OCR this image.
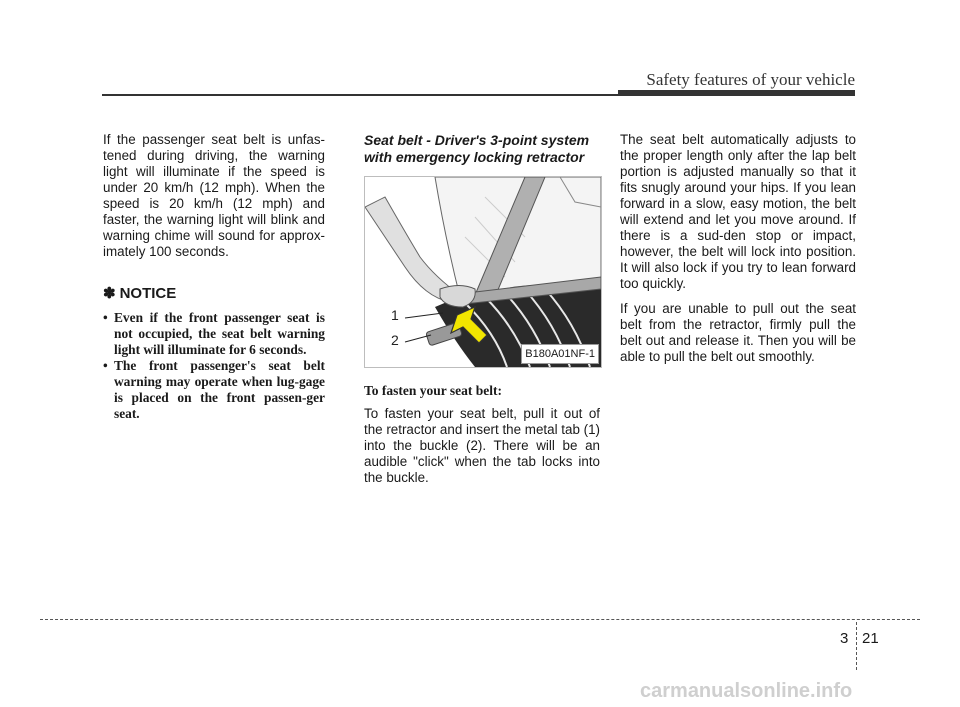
Safety features of your vehicle

If the passenger seat belt is unfas-tened during driving, the warning light will illuminate if the speed is under 20 km/h (12 mph). When the speed is 20 km/h (12 mph) and faster, the warning light will blink and warning chime will sound for approx-imately 100 seconds.

✽ NOTICE
• Even if the front passenger seat is not occupied, the seat belt warning light will illuminate for 6 seconds.
• The front passenger's seat belt warning may operate when lug-gage is placed on the front passen-ger seat.
Seat belt - Driver's 3-point system with emergency locking retractor
1
2
B180A01NF-1
To fasten your seat belt:

To fasten your seat belt, pull it out of the retractor and insert the metal tab (1) into the buckle (2). There will be an audible "click" when the tab locks into the buckle.

The seat belt automatically adjusts to the proper length only after the lap belt portion is adjusted manually so that it fits snugly around your hips. If you lean forward in a slow, easy motion, the belt will extend and let you move around. If there is a sud-den stop or impact, however, the belt will lock into position. It will also lock if you try to lean forward too quickly.

If you are unable to pull out the seat belt from the retractor, firmly pull the belt out and release it. Then you will be able to pull the belt out smoothly.

3 21
carmanualsonline.info
